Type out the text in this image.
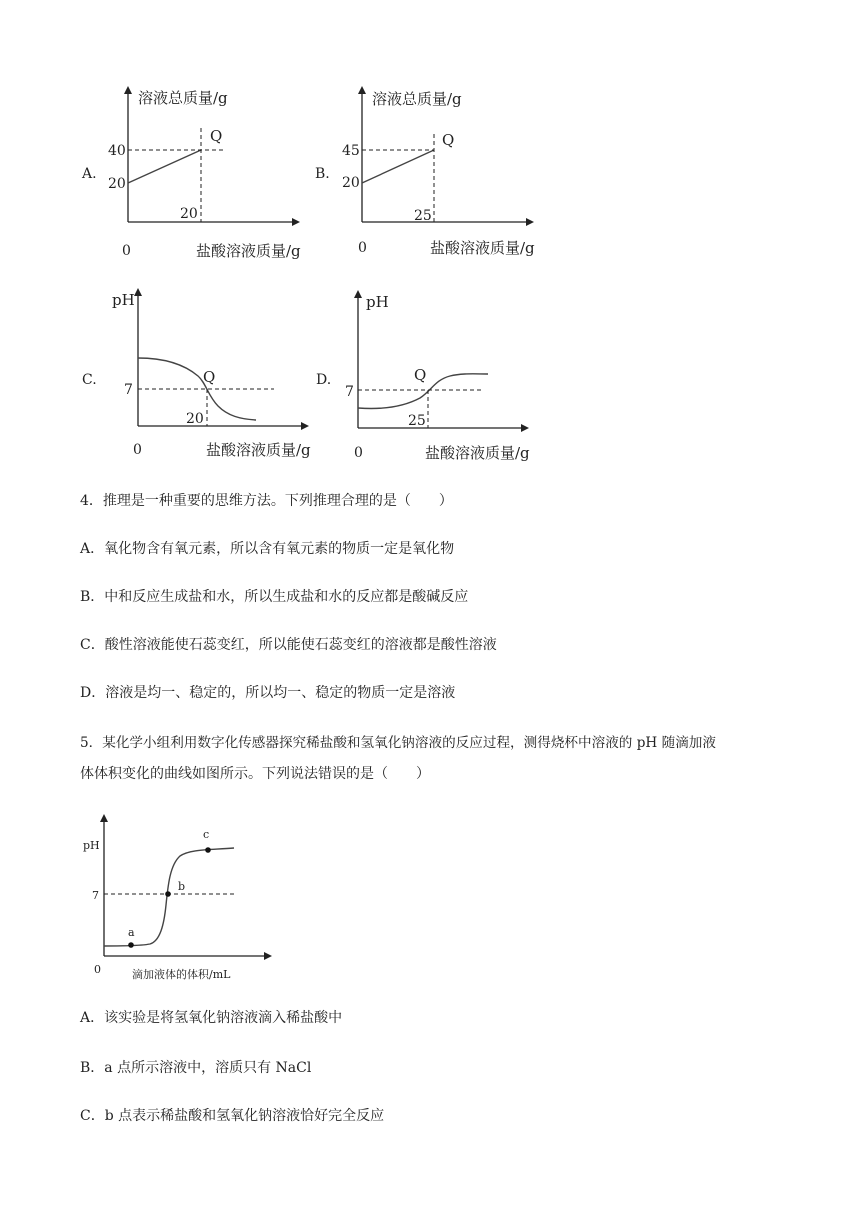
溶液总质量/g
盐酸溶液质量/g
0
20
40
20
Q
A.
溶液总质量/g
盐酸溶液质量/g
0
20
45
25
Q
B.
pH
盐酸溶液质量/g
0
7
20
Q
C.
pH
盐酸溶液质量/g
0
7
25
Q
D.
a
b
c
pH
7
0	滴加液体的体积/mL
4．推理是一种重要的思维方法。下列推理合理的是（　　）
A．氧化物含有氧元素，所以含有氧元素的物质一定是氧化物
B．中和反应生成盐和水，所以生成盐和水的反应都是酸碱反应
C．酸性溶液能使石蕊变红，所以能使石蕊变红的溶液都是酸性溶液
D．溶液是均一、稳定的，所以均一、稳定的物质一定是溶液
5．某化学小组利用数字化传感器探究稀盐酸和氢氧化钠溶液的反应过程，测得烧杯中溶液的 pH 随滴加液
体体积变化的曲线如图所示。下列说法错误的是（　　）
A．该实验是将氢氧化钠溶液滴入稀盐酸中
B．a 点所示溶液中，溶质只有 NaCl
C．b 点表示稀盐酸和氢氧化钠溶液恰好完全反应
